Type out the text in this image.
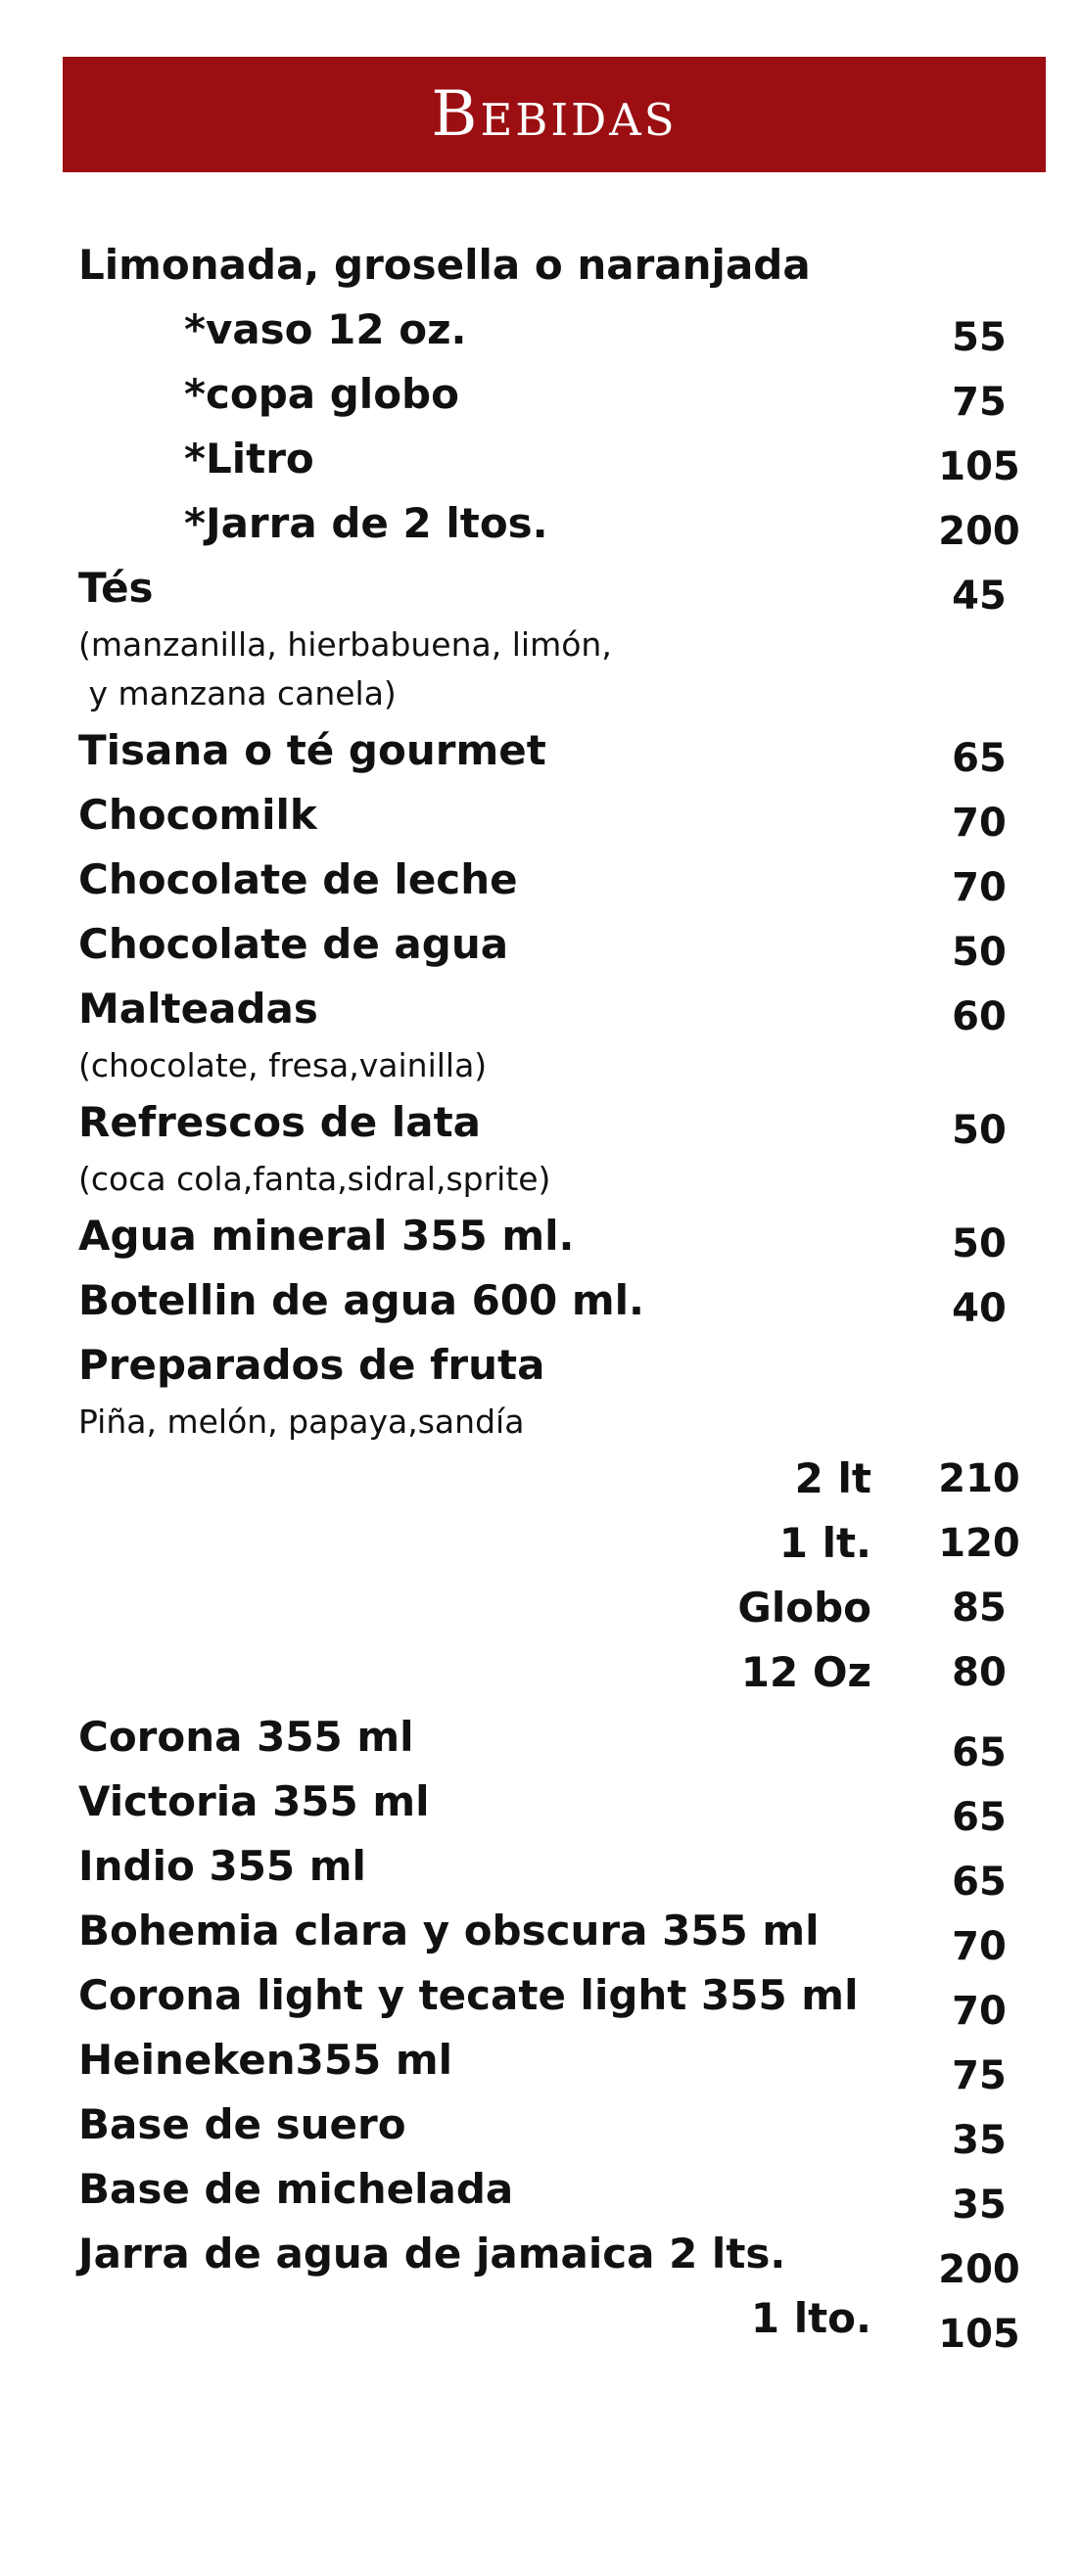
Bebidas
Limonada, grosella o naranjada
*vaso 12 oz.	55
*copa globo	75
*Litro	105
*Jarra de 2 ltos.	200
Tés	45
(manzanilla, hierbabuena, limón,
y manzana canela)
Tisana o té gourmet	65
Chocomilk	70
Chocolate de leche	70
Chocolate de agua	50
Malteadas	60
(chocolate, fresa,vainilla)
Refrescos de lata	50
(coca cola,fanta,sidral,sprite)
Agua mineral 355 ml.	50
Botellin de agua 600 ml.	40
Preparados de fruta
Piña, melón, papaya,sandía
2 lt	210
1 lt.	120
Globo	85
12 Oz	80
Corona 355 ml	65
Victoria 355 ml	65
Indio 355 ml	65
Bohemia clara y obscura 355 ml	70
Corona light y tecate light 355 ml	70
Heineken355 ml	75
Base de suero	35
Base de michelada	35
Jarra de agua de jamaica 2 lts.	200
1 lto.	105
